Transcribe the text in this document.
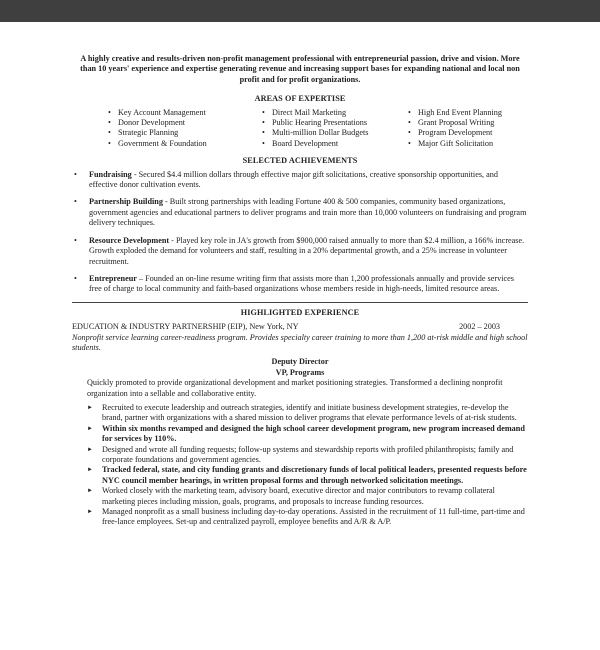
A highly creative and results-driven non-profit management professional with entrepreneurial passion, drive and vision. More than 10 years' experience and expertise generating revenue and increasing support bases for expanding national and local non profit and for profit organizations.
AREAS OF EXPERTISE
• Key Account Management
• Donor Development
• Strategic Planning
• Government & Foundation
• Direct Mail Marketing
• Public Hearing Presentations
• Multi-million Dollar Budgets
• Board Development
• High End Event Planning
• Grant Proposal Writing
• Program Development
• Major Gift Solicitation
SELECTED ACHIEVEMENTS
• Fundraising - Secured $4.4 million dollars through effective major gift solicitations, creative sponsorship opportunities, and effective donor cultivation events.
• Partnership Building - Built strong partnerships with leading Fortune 400 & 500 companies, community based organizations, government agencies and educational partners to deliver programs and train more than 10,000 volunteers on fundraising and program delivery techniques.
• Resource Development - Played key role in JA's growth from $900,000 raised annually to more than $2.4 million, a 166% increase. Growth exploded the demand for volunteers and staff, resulting in a 20% departmental growth, and a 25% increase in volunteer recruitment.
• Entrepreneur – Founded an on-line resume writing firm that assists more than 1,200 professionals annually and provide services free of charge to local community and faith-based organizations whose members reside in high-needs, limited resource areas.
HIGHLIGHTED EXPERIENCE
EDUCATION & INDUSTRY PARTNERSHIP (EIP), New York, NY	2002 – 2003
Nonprofit service learning career-readiness program. Provides specialty career training to more than 1,200 at-risk middle and high school students.
Deputy Director
VP, Programs
Quickly promoted to provide organizational development and market positioning strategies. Transformed a declining nonprofit organization into a sellable and collaborative entity.
► Recruited to execute leadership and outreach strategies, identify and initiate business development strategies, re-develop the brand, partner with organizations with a shared mission to deliver programs that elevate performance levels of at-risk students.
► Within six months revamped and designed the high school career development program, new program increased demand for services by 110%.
► Designed and wrote all funding requests; follow-up systems and stewardship reports with profiled philanthropists; family and corporate foundations and government agencies.
► Tracked federal, state, and city funding grants and discretionary funds of local political leaders, presented requests before NYC council member hearings, in written proposal forms and through networked solicitation meetings.
► Worked closely with the marketing team, advisory board, executive director and major contributors to revamp collateral marketing pieces including mission, goals, programs, and proposals to increase funding resources.
► Managed nonprofit as a small business including day-to-day operations. Assisted in the recruitment of 11 full-time, part-time and free-lance employees. Set-up and centralized payroll, employee benefits and A/R & A/P.
